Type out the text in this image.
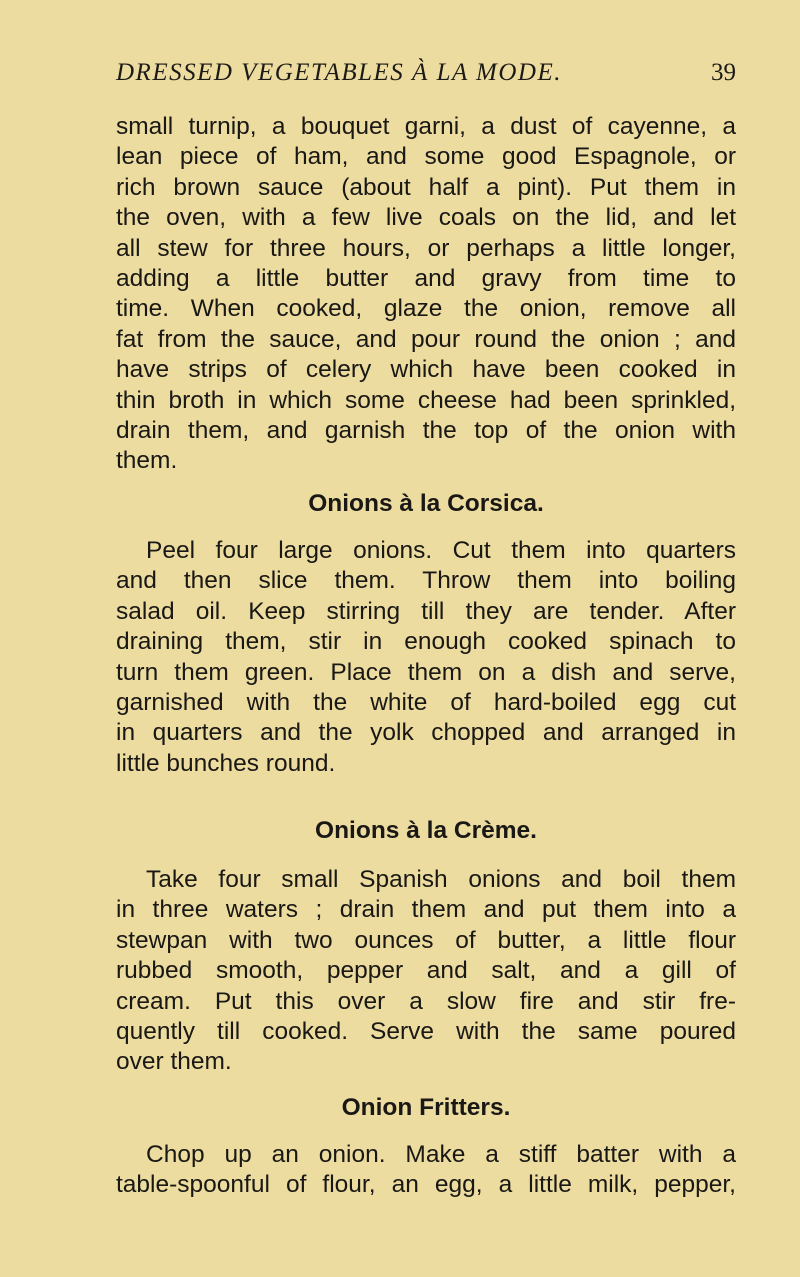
DRESSED VEGETABLES À LA MODE.	39
small turnip, a bouquet garni, a dust of cayenne, a
lean piece of ham, and some good Espagnole, or
rich brown sauce (about half a pint). Put them in
the oven, with a few live coals on the lid, and let
all stew for three hours, or perhaps a little longer,
adding a little butter and gravy from time to
time. When cooked, glaze the onion, remove all
fat from the sauce, and pour round the onion ; and
have strips of celery which have been cooked in
thin broth in which some cheese had been sprinkled,
drain them, and garnish the top of the onion with
them.
Onions à la Corsica.
Peel four large onions. Cut them into quarters
and then slice them. Throw them into boiling
salad oil. Keep stirring till they are tender. After
draining them, stir in enough cooked spinach to
turn them green. Place them on a dish and serve,
garnished with the white of hard-boiled egg cut
in quarters and the yolk chopped and arranged in
little bunches round.
Onions à la Crème.
Take four small Spanish onions and boil them
in three waters ; drain them and put them into a
stewpan with two ounces of butter, a little flour
rubbed smooth, pepper and salt, and a gill of
cream. Put this over a slow fire and stir fre-
quently till cooked. Serve with the same poured
over them.
Onion Fritters.
Chop up an onion. Make a stiff batter with a
table-spoonful of flour, an egg, a little milk, pepper,
